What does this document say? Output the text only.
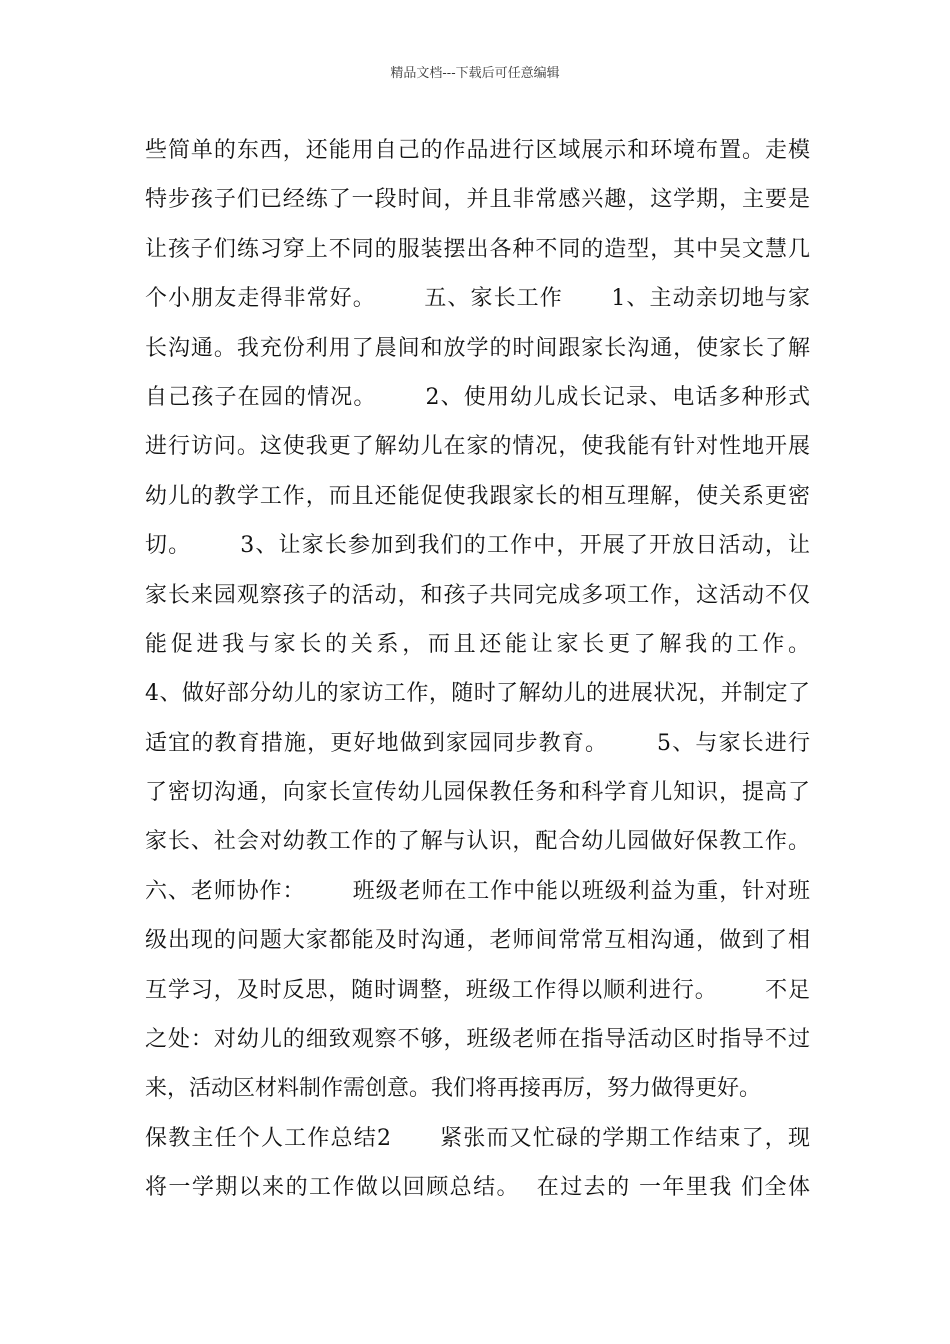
精品文档---下载后可任意编辑
些简单的东西，还能用自己的作品进行区域展示和环境布置。走模
特步孩子们已经练了一段时间，并且非常感兴趣，这学期，主要是
让孩子们练习穿上不同的服装摆出各种不同的造型，其中吴文慧几
个小朋友走得非常好。      五、家长工作      1、主动亲切地与家
长沟通。我充份利用了晨间和放学的时间跟家长沟通，使家长了解
自己孩子在园的情况。      2、使用幼儿成长记录、电话多种形式
进行访问。这使我更了解幼儿在家的情况，使我能有针对性地开展
幼儿的教学工作，而且还能促使我跟家长的相互理解，使关系更密
切。      3、让家长参加到我们的工作中，开展了开放日活动，让
家长来园观察孩子的活动，和孩子共同完成多项工作，这活动不仅
能促进我与家长的关系，而且还能让家长更了解我的工作。
4、做好部分幼儿的家访工作，随时了解幼儿的进展状况，并制定了
适宜的教育措施，更好地做到家园同步教育。      5、与家长进行
了密切沟通，向家长宣传幼儿园保教任务和科学育儿知识，提高了
家长、社会对幼教工作的了解与认识，配合幼儿园做好保教工作。
六、老师协作：      班级老师在工作中能以班级利益为重，针对班
级出现的问题大家都能及时沟通，老师间常常互相沟通，做到了相
互学习，及时反思，随时调整，班级工作得以顺利进行。      不足
之处：对幼儿的细致观察不够，班级老师在指导活动区时指导不过
来，活动区材料制作需创意。我们将再接再厉，努力做得更好。
保教主任个人工作总结2      紧张而又忙碌的学期工作结束了，现
将一学期以来的工作做以回顾总结。  在过去的 一年里我 们全体
